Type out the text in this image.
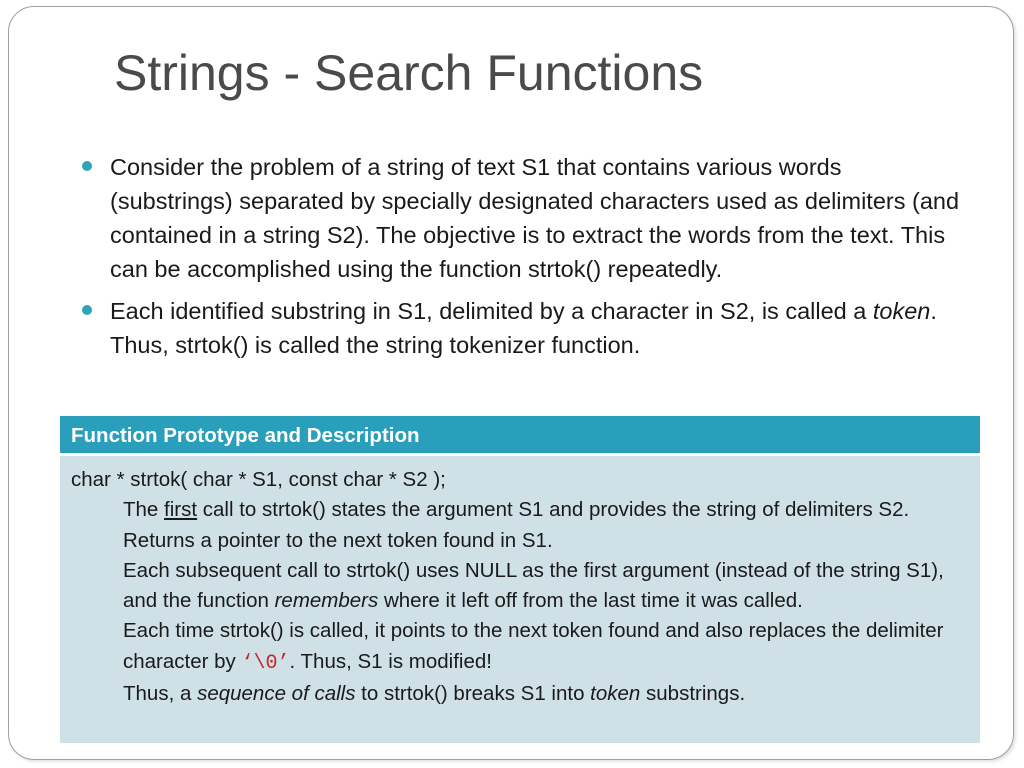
Strings - Search Functions
Consider the problem of a string of text S1 that contains various words (substrings) separated by specially designated characters used as delimiters (and contained in a string S2). The objective is to extract the words from the text. This can be accomplished using the function strtok() repeatedly.
Each identified substring in S1, delimited by a character in S2, is called a token. Thus, strtok() is called the string tokenizer function.
Function Prototype and Description
char * strtok( char * S1, const char * S2 );

The first call to strtok() states the argument S1 and provides the string of delimiters S2. Returns a pointer to the next token found in S1.

Each subsequent call to strtok() uses NULL as the first argument (instead of the string S1), and the function remembers where it left off from the last time it was called.

Each time strtok() is called, it points to the next token found and also replaces the delimiter character by ‘\0’. Thus, S1 is modified!

Thus, a sequence of calls to strtok() breaks S1 into token substrings.
